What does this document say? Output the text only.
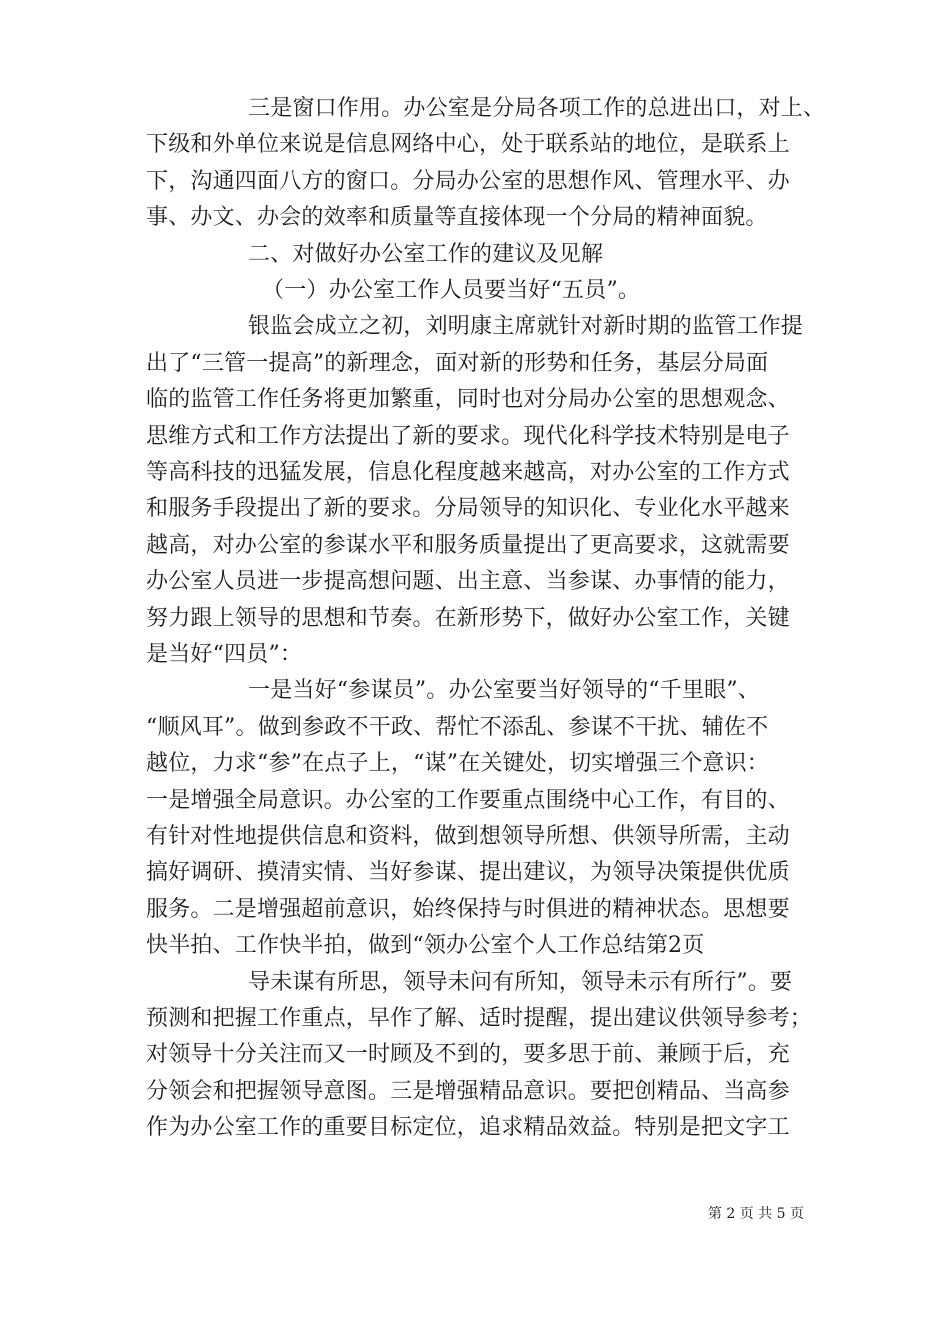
三是窗口作用。办公室是分局各项工作的总进出口，对上、
下级和外单位来说是信息网络中心，处于联系站的地位，是联系上
下，沟通四面八方的窗口。分局办公室的思想作风、管理水平、办
事、办文、办会的效率和质量等直接体现一个分局的精神面貌。
二、对做好办公室工作的建议及见解
（一）办公室工作人员要当好“五员”。
银监会成立之初，刘明康主席就针对新时期的监管工作提
出了“三管一提高”的新理念，面对新的形势和任务，基层分局面
临的监管工作任务将更加繁重，同时也对分局办公室的思想观念、
思维方式和工作方法提出了新的要求。现代化科学技术特别是电子
等高科技的迅猛发展，信息化程度越来越高，对办公室的工作方式
和服务手段提出了新的要求。分局领导的知识化、专业化水平越来
越高，对办公室的参谋水平和服务质量提出了更高要求，这就需要
办公室人员进一步提高想问题、出主意、当参谋、办事情的能力，
努力跟上领导的思想和节奏。在新形势下，做好办公室工作，关键
是当好“四员”：
一是当好“参谋员”。办公室要当好领导的“千里眼”、
“顺风耳”。做到参政不干政、帮忙不添乱、参谋不干扰、辅佐不
越位，力求“参”在点子上，“谋”在关键处，切实增强三个意识：
一是增强全局意识。办公室的工作要重点围绕中心工作，有目的、
有针对性地提供信息和资料，做到想领导所想、供领导所需，主动
搞好调研、摸清实情、当好参谋、提出建议，为领导决策提供优质
服务。二是增强超前意识，始终保持与时俱进的精神状态。思想要
快半拍、工作快半拍，做到“领办公室个人工作总结第2页
导未谋有所思，领导未问有所知，领导未示有所行”。要
预测和把握工作重点，早作了解、适时提醒，提出建议供领导参考；
对领导十分关注而又一时顾及不到的，要多思于前、兼顾于后，充
分领会和把握领导意图。三是增强精品意识。要把创精品、当高参
作为办公室工作的重要目标定位，追求精品效益。特别是把文字工
第 2 页 共 5 页
